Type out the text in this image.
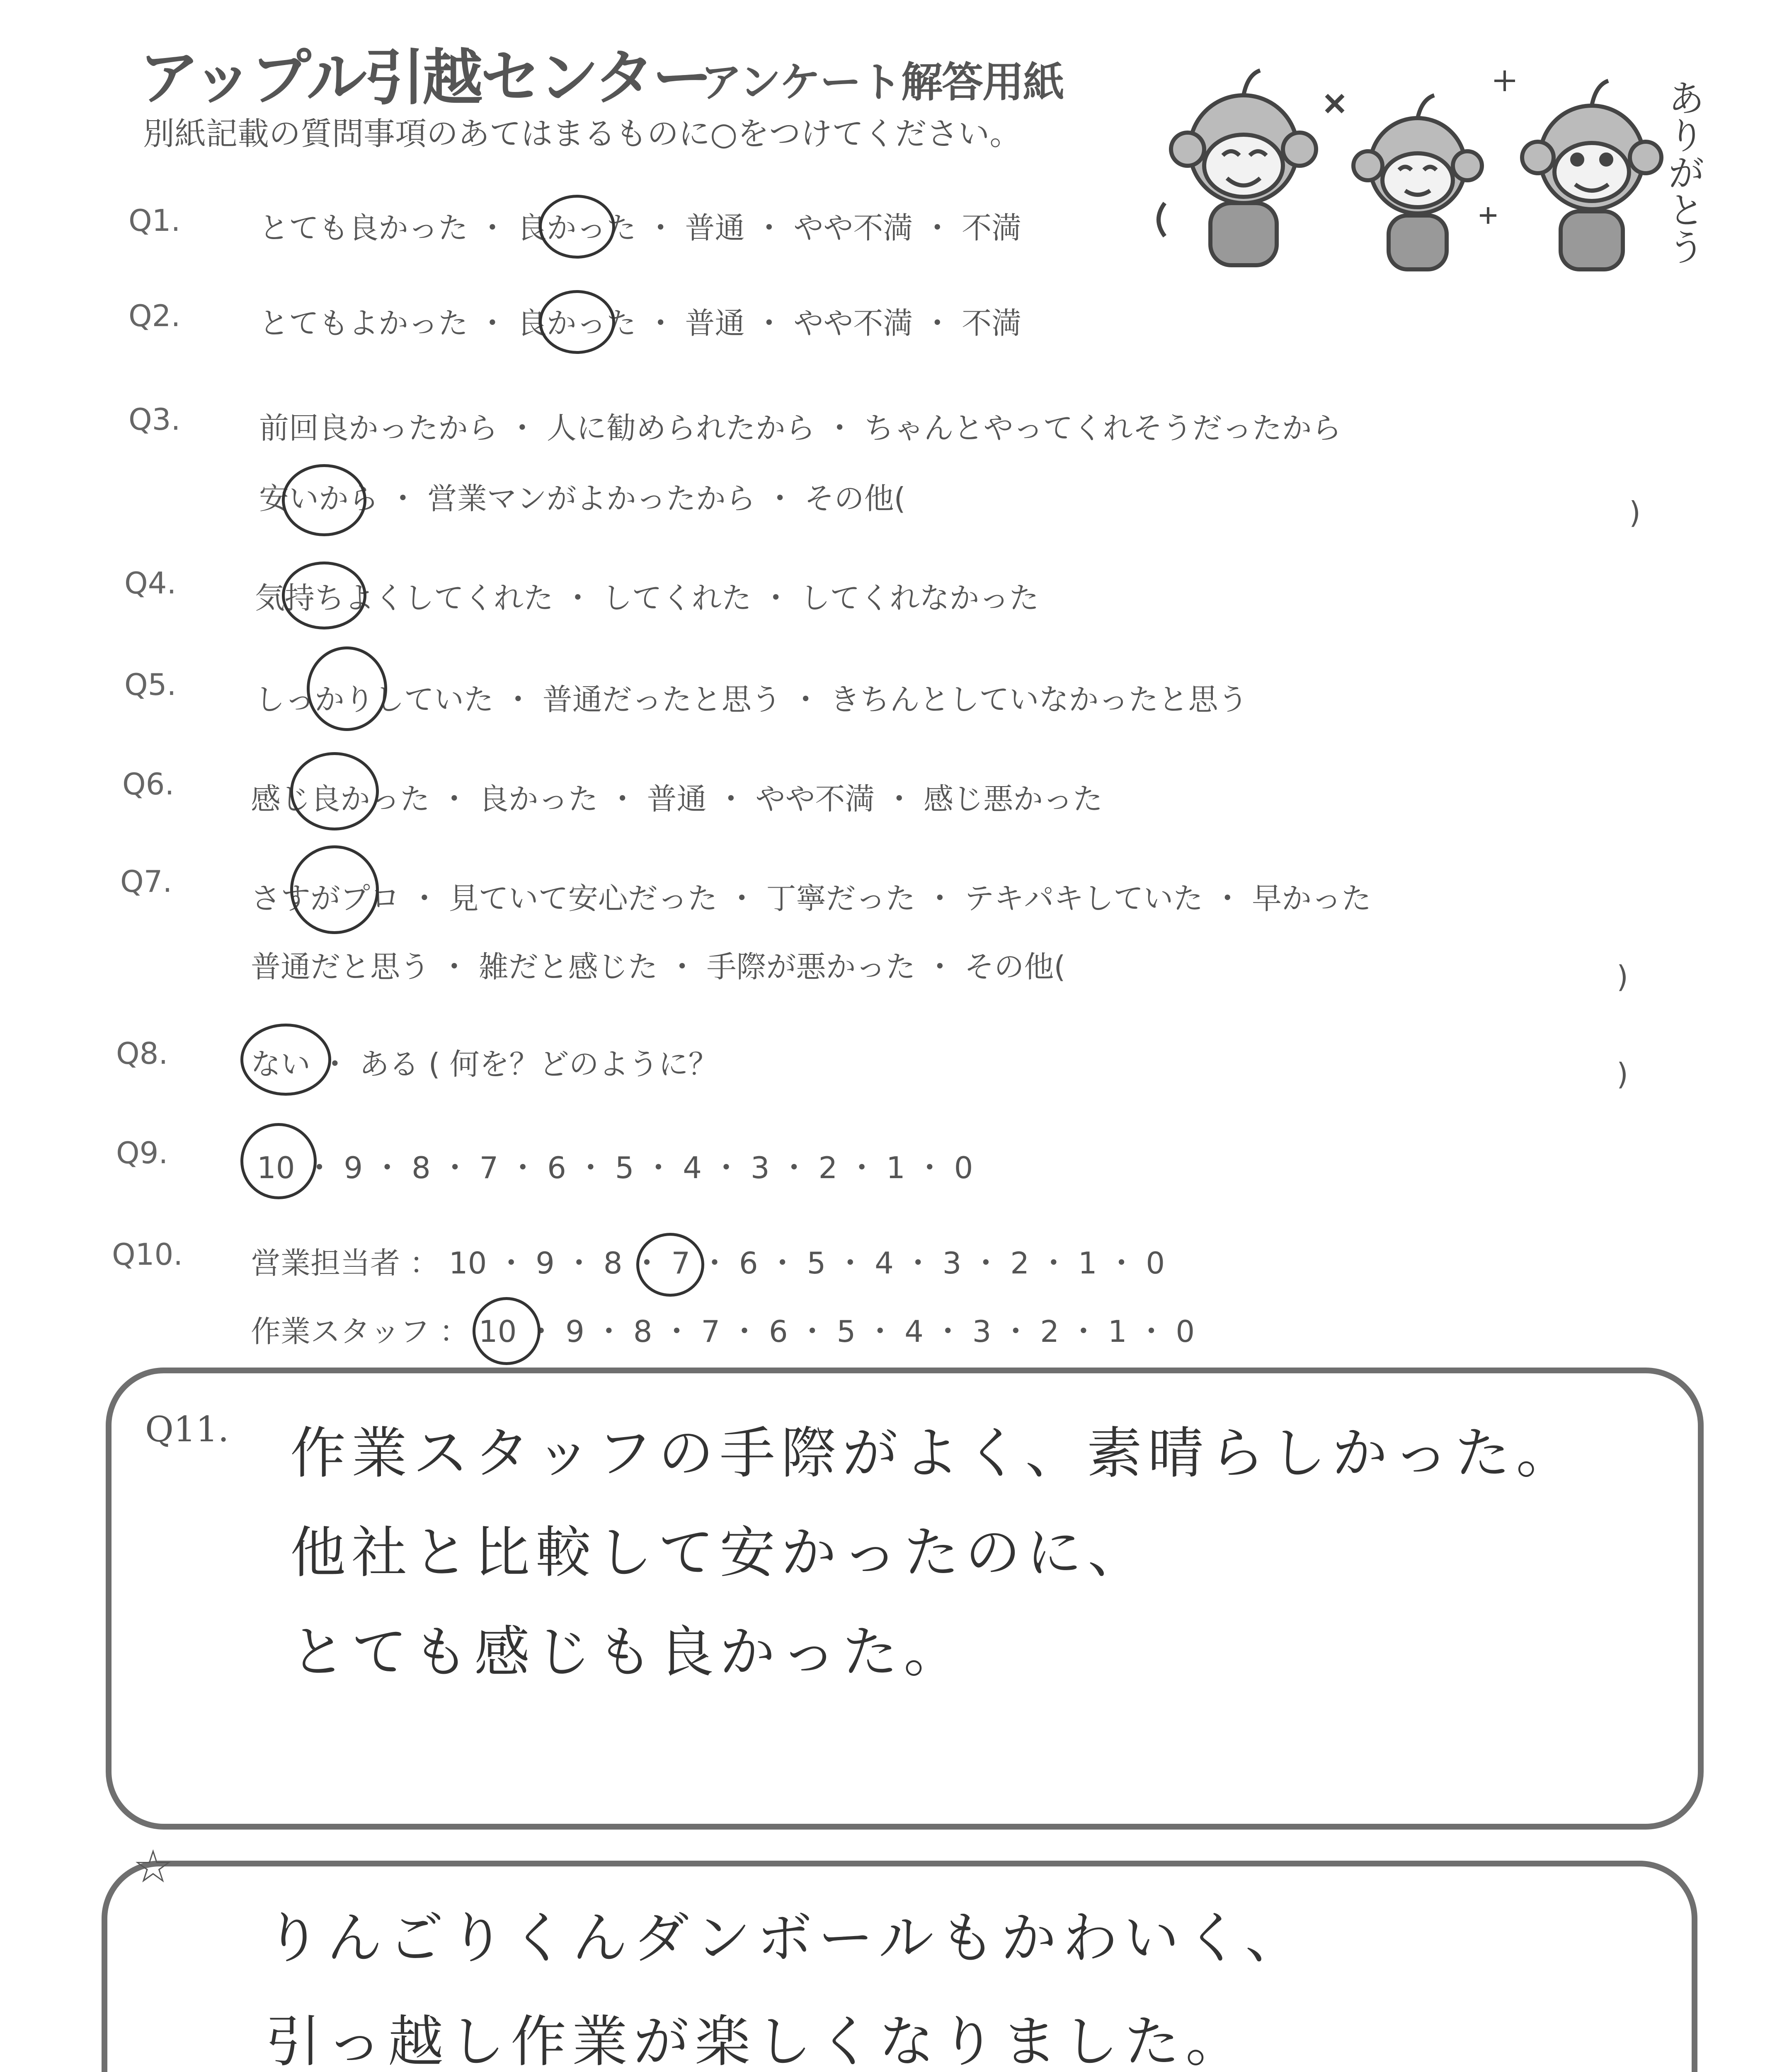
アップル引越センター
アンケート解答用紙
別紙記載の質問事項のあてはまるものに○をつけてください。	ありがとう
Q1.	とても良かった ・ 良かった ・ 普通 ・ やや不満 ・ 不満
Q2.	とてもよかった ・ 良かった ・ 普通 ・ やや不満 ・ 不満
Q3.	前回良かったから ・ 人に勧められたから ・ ちゃんとやってくれそうだったから
安いから ・ 営業マンがよかったから ・ その他(	)
Q4.	気持ちよくしてくれた ・ してくれた ・ してくれなかった
Q5.	しっかりしていた ・ 普通だったと思う ・ きちんとしていなかったと思う
Q6.	感じ良かった ・ 良かった ・ 普通 ・ やや不満 ・ 感じ悪かった
Q7.	さすがプロ ・ 見ていて安心だった ・ 丁寧だった ・ テキパキしていた ・ 早かった
普通だと思う ・ 雑だと感じた ・ 手際が悪かった ・ その他(	)
Q8.	ない ・ ある ( 何を？どのように？	)
Q9.	10 ・ 9 ・ 8 ・ 7 ・ 6 ・ 5 ・ 4 ・ 3 ・ 2 ・ 1 ・ 0
Q10. 営業担当者 ： 10 ・ 9 ・ 8 ・ 7 ・ 6 ・ 5 ・ 4 ・ 3 ・ 2 ・ 1 ・ 0
作業スタッフ ： 10 ・ 9 ・ 8 ・ 7 ・ 6 ・ 5 ・ 4 ・ 3 ・ 2 ・ 1 ・ 0
Q11. 作業スタッフの手際がよく、素晴らしかった。
他社と比較して安かったのに、
とても感じも良かった。
☆
りんごりくんダンボールもかわいく、
引っ越し作業が楽しくなりました。
